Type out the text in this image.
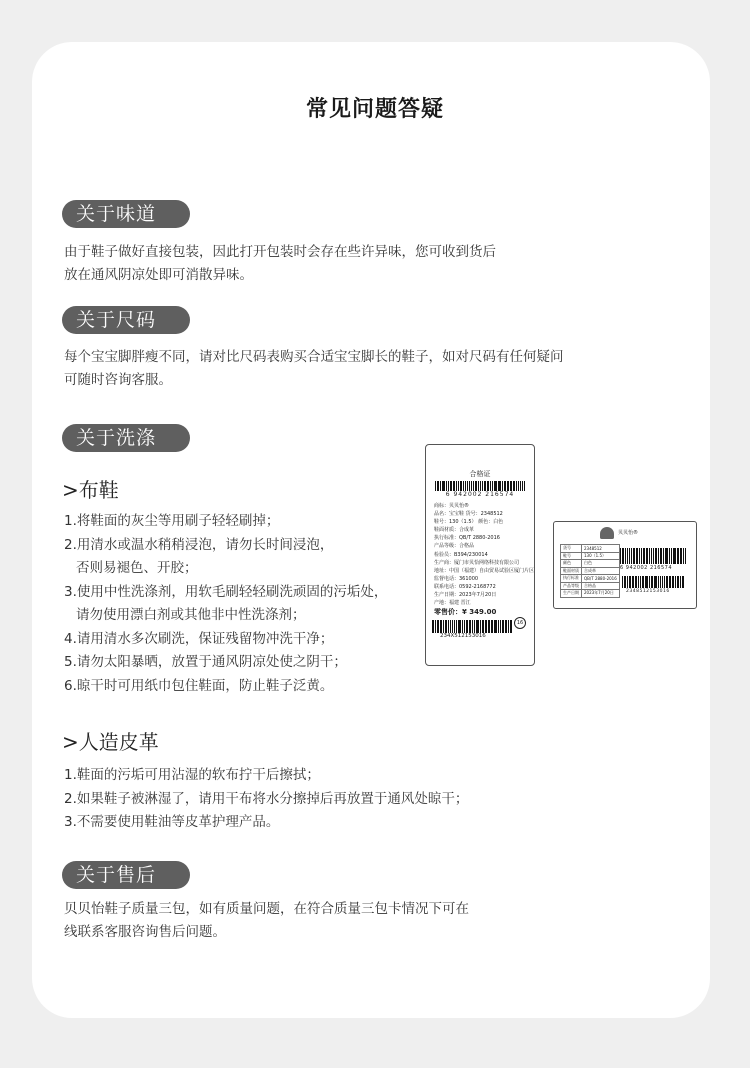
常见问题答疑
关于味道
由于鞋子做好直接包装，因此打开包装时会存在些许异味，您可收到货后
放在通风阴凉处即可消散异味。
关于尺码
每个宝宝脚胖瘦不同，请对比尺码表购买合适宝宝脚长的鞋子，如对尺码有任何疑问
可随时咨询客服。
关于洗涤
>布鞋
1.将鞋面的灰尘等用刷子轻轻刷掉；
2.用清水或温水稍稍浸泡，请勿长时间浸泡，
否则易褪色、开胶；
3.使用中性洗涤剂，用软毛刷轻轻刷洗顽固的污垢处，
请勿使用漂白剂或其他非中性洗涤剂；
4.请用清水多次刷洗，保证残留物冲洗干净；
5.请勿太阳暴晒，放置于通风阴凉处使之阴干；
6.晾干时可用纸巾包住鞋面，防止鞋子泛黄。
>人造皮革
1.鞋面的污垢可用沾湿的软布拧干后擦拭；
2.如果鞋子被淋湿了，请用干布将水分擦掉后再放置于通风处晾干；
3.不需要使用鞋油等皮革护理产品。
合格证
6 942002 216574
商标：贝贝怡®
品名：宝宝鞋 货号：2348512
鞋号：130（1.5） 颜色：白色
鞋面材质：合成革
执行标准：QB/T 2880-2016
产品等级：合格品
检验员：B394/230014
生产商：厦门市贝恰网络科技有限公司
地址：中国（福建）自由贸易试验区厦门片区
监督电话：361000
联系电话：0592-2168772
生产日期：2023年7月20日
产地：福建 晋江
零售价：¥ 349.00
234X512153016
16
贝贝怡®
货号	2348512
鞋号	130（1.5）
颜色	白色
鞋面材质	合成革
执行标准	QB/T 2880-2016
产品等级	合格品
生产日期	2023年7月20日
6 942002 216574
2348512153016
关于售后
贝贝怡鞋子质量三包，如有质量问题，在符合质量三包卡情况下可在
线联系客服咨询售后问题。
